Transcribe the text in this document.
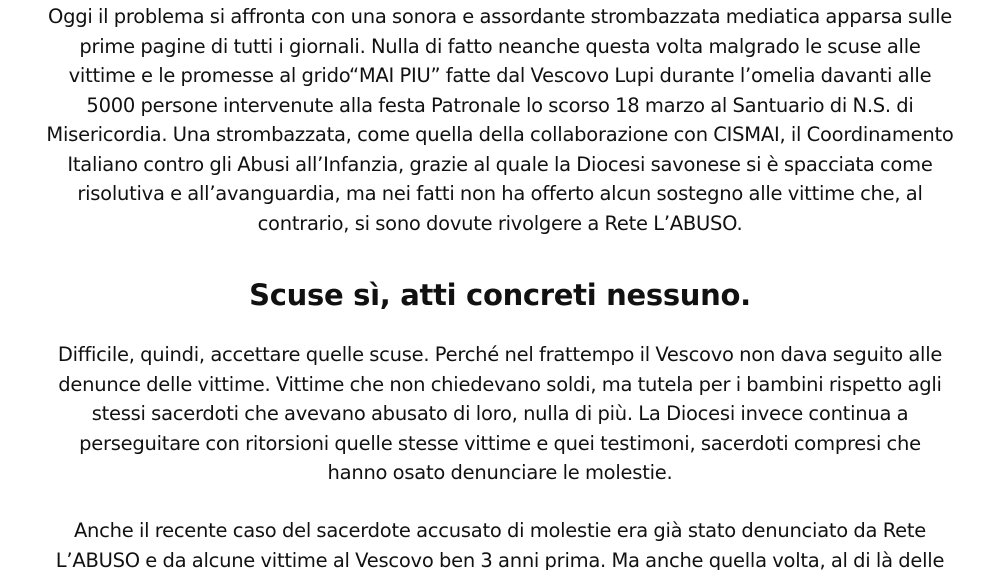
Oggi il problema si affronta con una sonora e assordante strombazzata mediatica apparsa sulle
prime pagine di tutti i giornali. Nulla di fatto neanche questa volta malgrado le scuse alle
vittime e le promesse al grido“MAI PIU” fatte dal Vescovo Lupi durante l’omelia davanti alle
5000 persone intervenute alla festa Patronale lo scorso 18 marzo al Santuario di N.S. di
Misericordia. Una strombazzata, come quella della collaborazione con CISMAI, il Coordinamento
Italiano contro gli Abusi all’Infanzia, grazie al quale la Diocesi savonese si è spacciata come
risolutiva e all’avanguardia, ma nei fatti non ha offerto alcun sostegno alle vittime che, al
contrario, si sono dovute rivolgere a Rete L’ABUSO.

Scuse sì, atti concreti nessuno.

Difficile, quindi, accettare quelle scuse. Perché nel frattempo il Vescovo non dava seguito alle
denunce delle vittime. Vittime che non chiedevano soldi, ma tutela per i bambini rispetto agli
stessi sacerdoti che avevano abusato di loro, nulla di più. La Diocesi invece continua a
perseguitare con ritorsioni quelle stesse vittime e quei testimoni, sacerdoti compresi che
hanno osato denunciare le molestie.

Anche il recente caso del sacerdote accusato di molestie era già stato denunciato da Rete
L’ABUSO e da alcune vittime al Vescovo ben 3 anni prima. Ma anche quella volta, al di là delle
